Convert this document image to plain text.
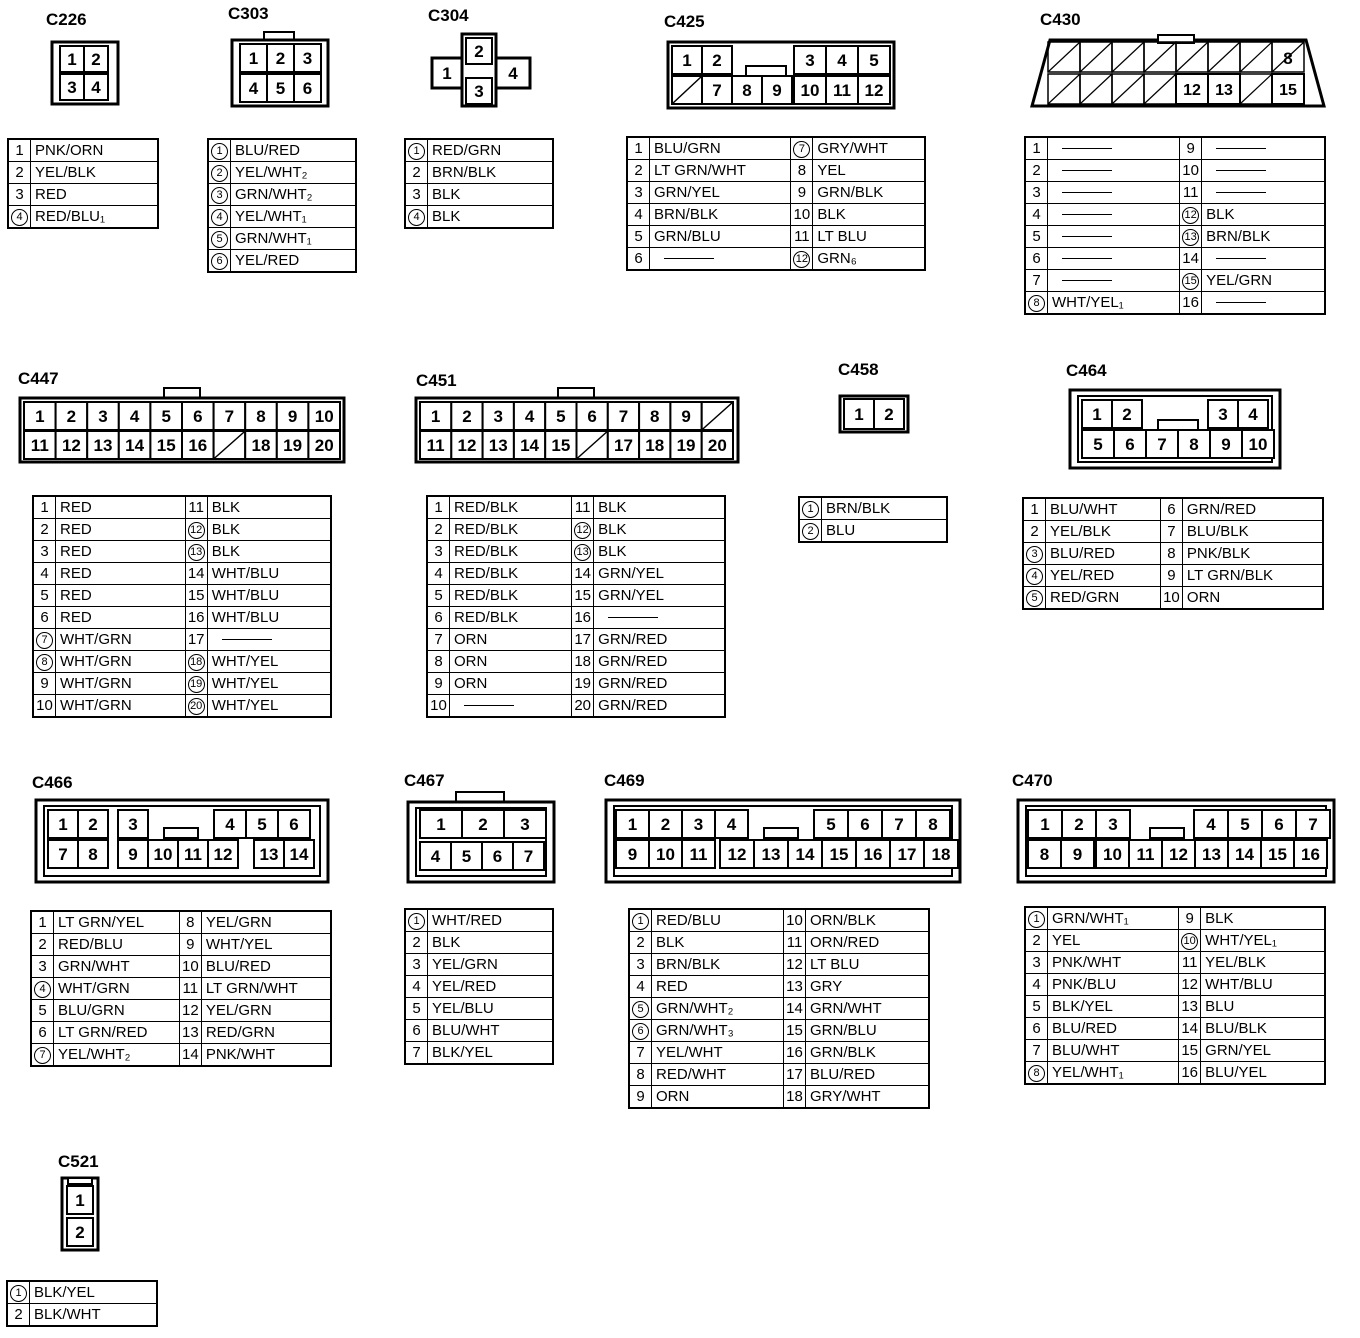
C226
1 2
3 4
1	PNK/ORN
2	YEL/BLK
3	RED
4	RED/BLU₁
C303
1 2 3
4 5 6
1	BLU/RED
2	YEL/WHT₂
3	GRN/WHT₂
4	YEL/WHT₁
5	GRN/WHT₁
6	YEL/RED
C304
2
3
1	4
1	RED/GRN
2	BRN/BLK
3	BLK
4	BLK
C425
1 2	3 4 5
7 8 9 10 11 12
1	BLU/GRN	7	GRY/WHT
2	LT GRN/WHT	8	YEL
3	GRN/YEL	9	GRN/BLK
4	BRN/BLK	10	BLK
5	GRN/BLU	11	LT BLU
6		12	GRN₆
C430
12 13	15
8
1		9	
2		10	
3		11	
4		12	BLK
5		13	BRN/BLK
6		14	
7		15	YEL/GRN
8	WHT/YEL₁	16	
C447
1 2 3 4 5 6 7 8 9 10
11 12 13 14 15 16	18 19 20
1	RED	11	BLK
2	RED	12	BLK
3	RED	13	BLK
4	RED	14	WHT/BLU
5	RED	15	WHT/BLU
6	RED	16	WHT/BLU
7	WHT/GRN	17	
8	WHT/GRN	18	WHT/YEL
9	WHT/GRN	19	WHT/YEL
10	WHT/GRN	20	WHT/YEL
C451
1 2 3 4 5 6 7 8 9
11 12 13 14 15	17 18 19 20
1	RED/BLK	11	BLK
2	RED/BLK	12	BLK
3	RED/BLK	13	BLK
4	RED/BLK	14	GRN/YEL
5	RED/BLK	15	GRN/YEL
6	RED/BLK	16	
7	ORN	17	GRN/RED
8	ORN	18	GRN/RED
9	ORN	19	GRN/RED
10		20	GRN/RED
C458
1 2
1	BRN/BLK
2	BLU
C464
1 2	3 4
5 6 7 8 9 10
1	BLU/WHT	6	GRN/RED
2	YEL/BLK	7	BLU/BLK
3	BLU/RED	8	PNK/BLK
4	YEL/RED	9	LT GRN/BLK
5	RED/GRN	10	ORN
C466
1 2 3	4 5 6
7 8 9 10 11 12 13 14
1	LT GRN/YEL	8	YEL/GRN
2	RED/BLU	9	WHT/YEL
3	GRN/WHT	10	BLU/RED
4	WHT/GRN	11	LT GRN/WHT
5	BLU/GRN	12	YEL/GRN
6	LT GRN/RED	13	RED/GRN
7	YEL/WHT₂	14	PNK/WHT
C467
1 2 3
4 5 6 7
1	WHT/RED
2	BLK
3	YEL/GRN
4	YEL/RED
5	YEL/BLU
6	BLU/WHT
7	BLK/YEL
C469
1 2 3 4	5 6 7 8
9 10 11 12 13 14 15 16 17 18
1	RED/BLU	10	ORN/BLK
2	BLK	11	ORN/RED
3	BRN/BLK	12	LT BLU
4	RED	13	GRY
5	GRN/WHT₂	14	GRN/WHT
6	GRN/WHT₃	15	GRN/BLU
7	YEL/WHT	16	GRN/BLK
8	RED/WHT	17	BLU/RED
9	ORN	18	GRY/WHT
C470
1 2 3	4 5 6 7
8 9 10 11 12 13 14 15 16
1	GRN/WHT₁	9	BLK
2	YEL	10	WHT/YEL₁
3	PNK/WHT	11	YEL/BLK
4	PNK/BLU	12	WHT/BLU
5	BLK/YEL	13	BLU
6	BLU/RED	14	BLU/BLK
7	BLU/WHT	15	GRN/YEL
8	YEL/WHT₁	16	BLU/YEL
C521
1
2
1	BLK/YEL
2	BLK/WHT
